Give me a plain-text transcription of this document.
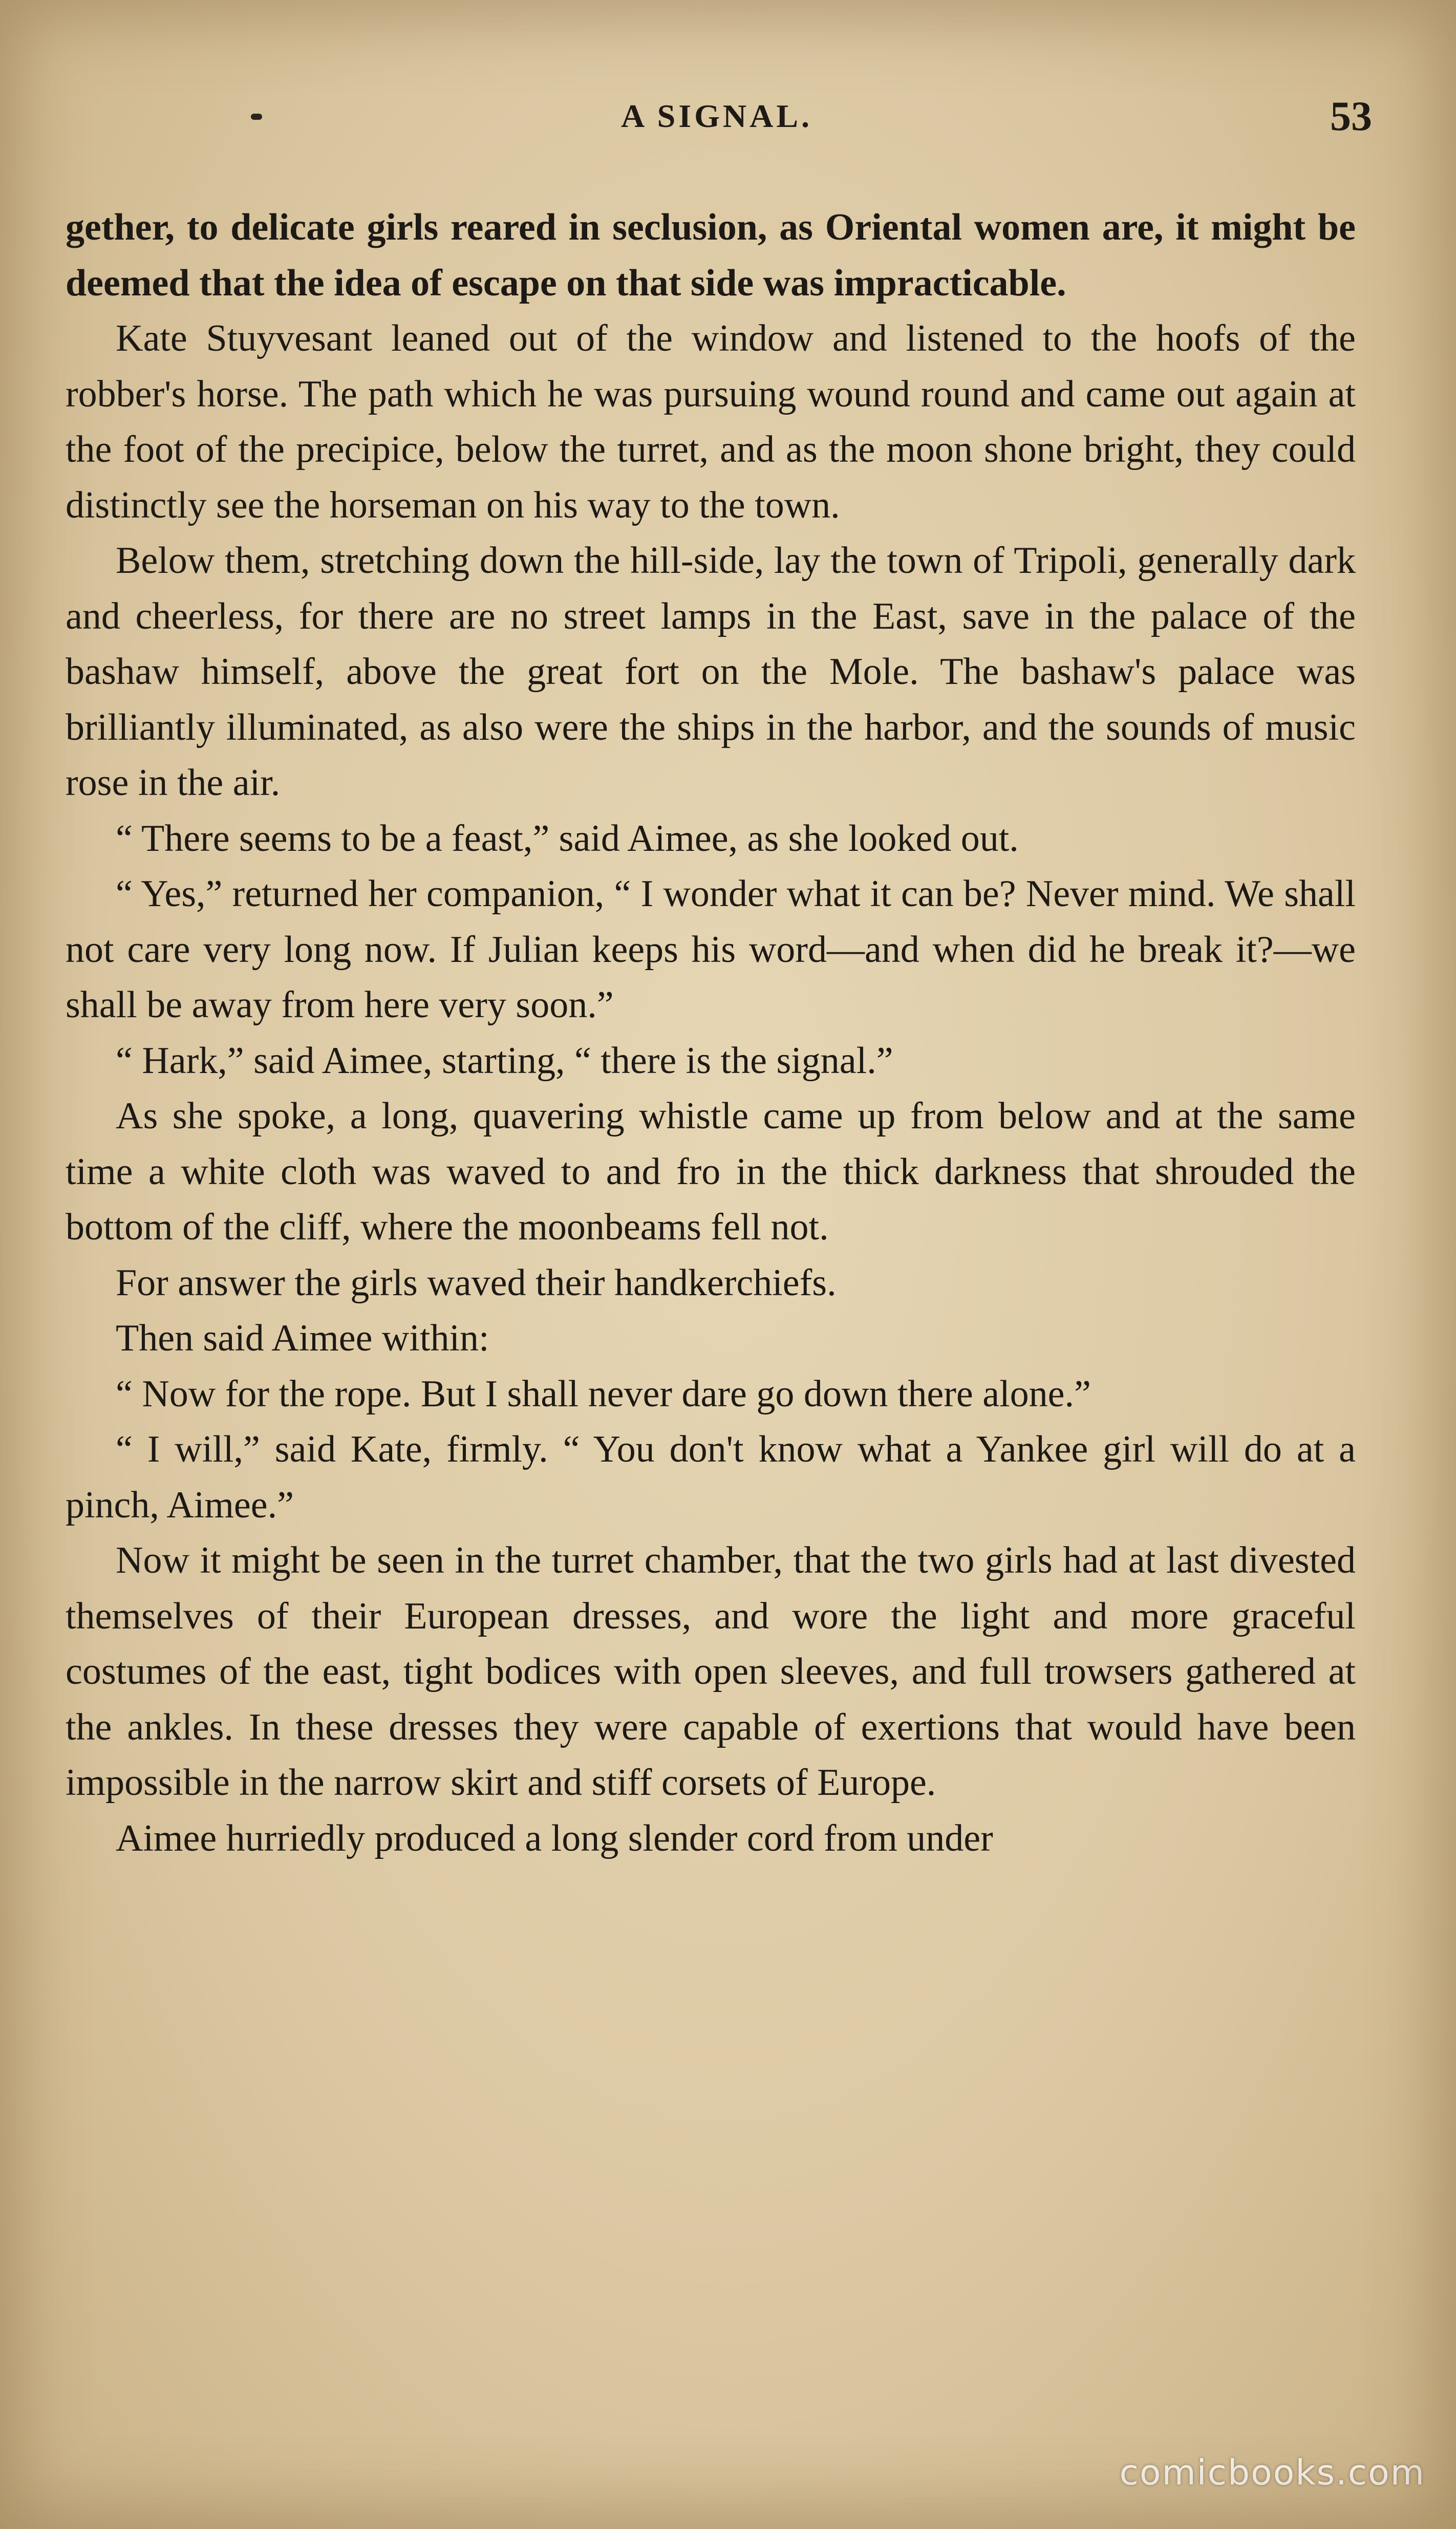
A SIGNAL.	53

gether, to delicate girls reared in seclusion, as Oriental women are, it might be deemed that the idea of escape on that side was impracticable.

Kate Stuyvesant leaned out of the window and listened to the hoofs of the robber's horse. The path which he was pursuing wound round and came out again at the foot of the precipice, below the turret, and as the moon shone bright, they could distinctly see the horseman on his way to the town.

Below them, stretching down the hill-side, lay the town of Tripoli, generally dark and cheerless, for there are no street lamps in the East, save in the palace of the bashaw himself, above the great fort on the Mole. The bashaw's palace was brilliantly illuminated, as also were the ships in the harbor, and the sounds of music rose in the air.

“ There seems to be a feast,” said Aimee, as she looked out.

“ Yes,” returned her companion, “ I wonder what it can be? Never mind. We shall not care very long now. If Julian keeps his word—and when did he break it?—we shall be away from here very soon.”

“ Hark,” said Aimee, starting, “ there is the signal.”

As she spoke, a long, quavering whistle came up from below and at the same time a white cloth was waved to and fro in the thick darkness that shrouded the bottom of the cliff, where the moonbeams fell not.

For answer the girls waved their handkerchiefs.

Then said Aimee within:

“ Now for the rope. But I shall never dare go down there alone.”

“ I will,” said Kate, firmly. “ You don't know what a Yankee girl will do at a pinch, Aimee.”

Now it might be seen in the turret chamber, that the two girls had at last divested themselves of their European dresses, and wore the light and more graceful costumes of the east, tight bodices with open sleeves, and full trowsers gathered at the ankles. In these dresses they were capable of exertions that would have been impossible in the narrow skirt and stiff corsets of Europe.

Aimee hurriedly produced a long slender cord from under

comicbooks.com
